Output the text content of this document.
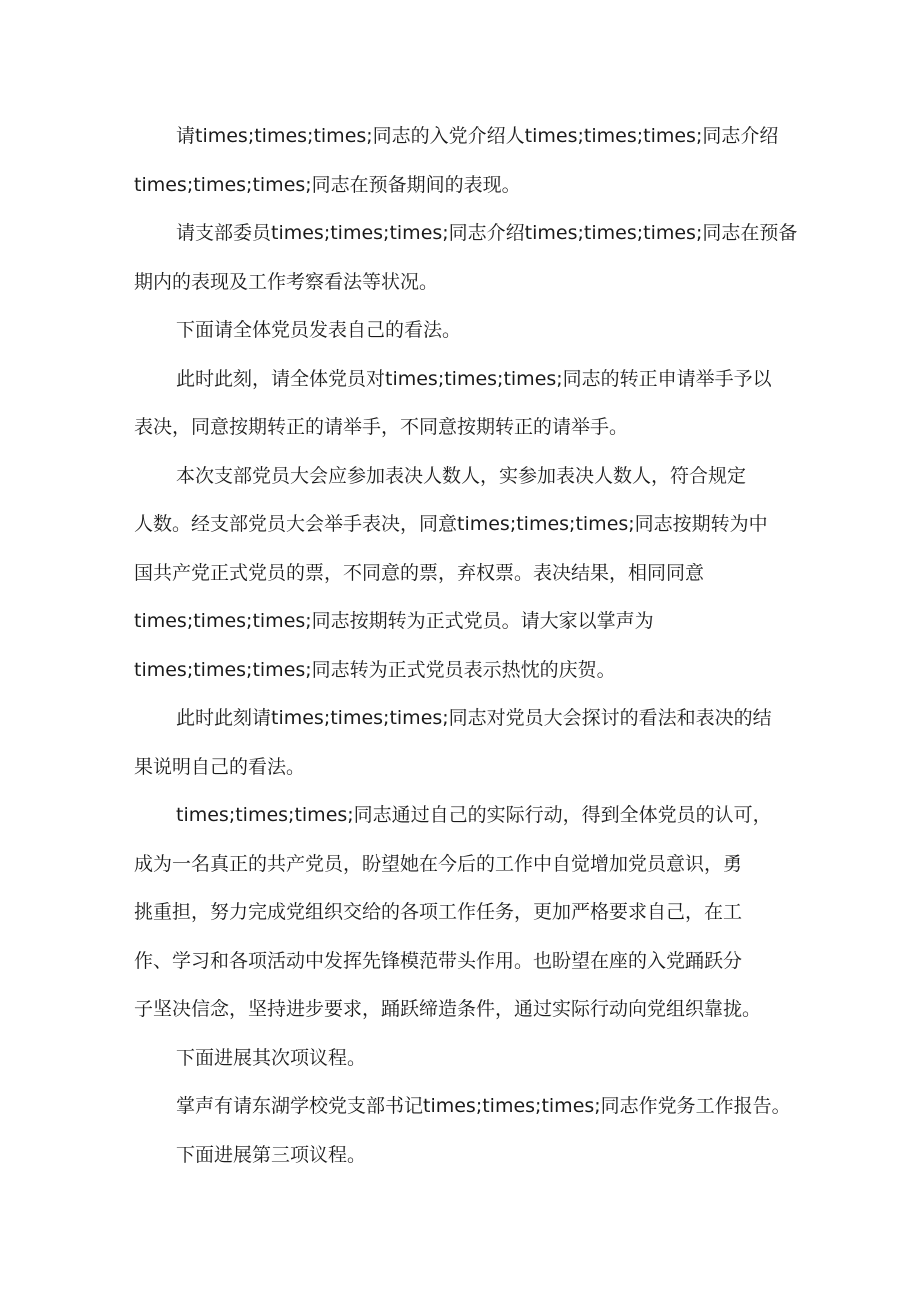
请times;times;times;同志的入党介绍人times;times;times;同志介绍
times;times;times;同志在预备期间的表现。

请支部委员times;times;times;同志介绍times;times;times;同志在预备
期内的表现及工作考察看法等状况。

下面请全体党员发表自己的看法。

此时此刻，请全体党员对times;times;times;同志的转正申请举手予以
表决，同意按期转正的请举手，不同意按期转正的请举手。

本次支部党员大会应参加表决人数人，实参加表决人数人，符合规定
人数。经支部党员大会举手表决，同意times;times;times;同志按期转为中
国共产党正式党员的票，不同意的票，弃权票。表决结果，相同同意
times;times;times;同志按期转为正式党员。请大家以掌声为
times;times;times;同志转为正式党员表示热忱的庆贺。

此时此刻请times;times;times;同志对党员大会探讨的看法和表决的结
果说明自己的看法。

times;times;times;同志通过自己的实际行动，得到全体党员的认可，
成为一名真正的共产党员，盼望她在今后的工作中自觉增加党员意识，勇
挑重担，努力完成党组织交给的各项工作任务，更加严格要求自己，在工
作、学习和各项活动中发挥先锋模范带头作用。也盼望在座的入党踊跃分
子坚决信念，坚持进步要求，踊跃缔造条件，通过实际行动向党组织靠拢。

下面进展其次项议程。

掌声有请东湖学校党支部书记times;times;times;同志作党务工作报告。

下面进展第三项议程。
